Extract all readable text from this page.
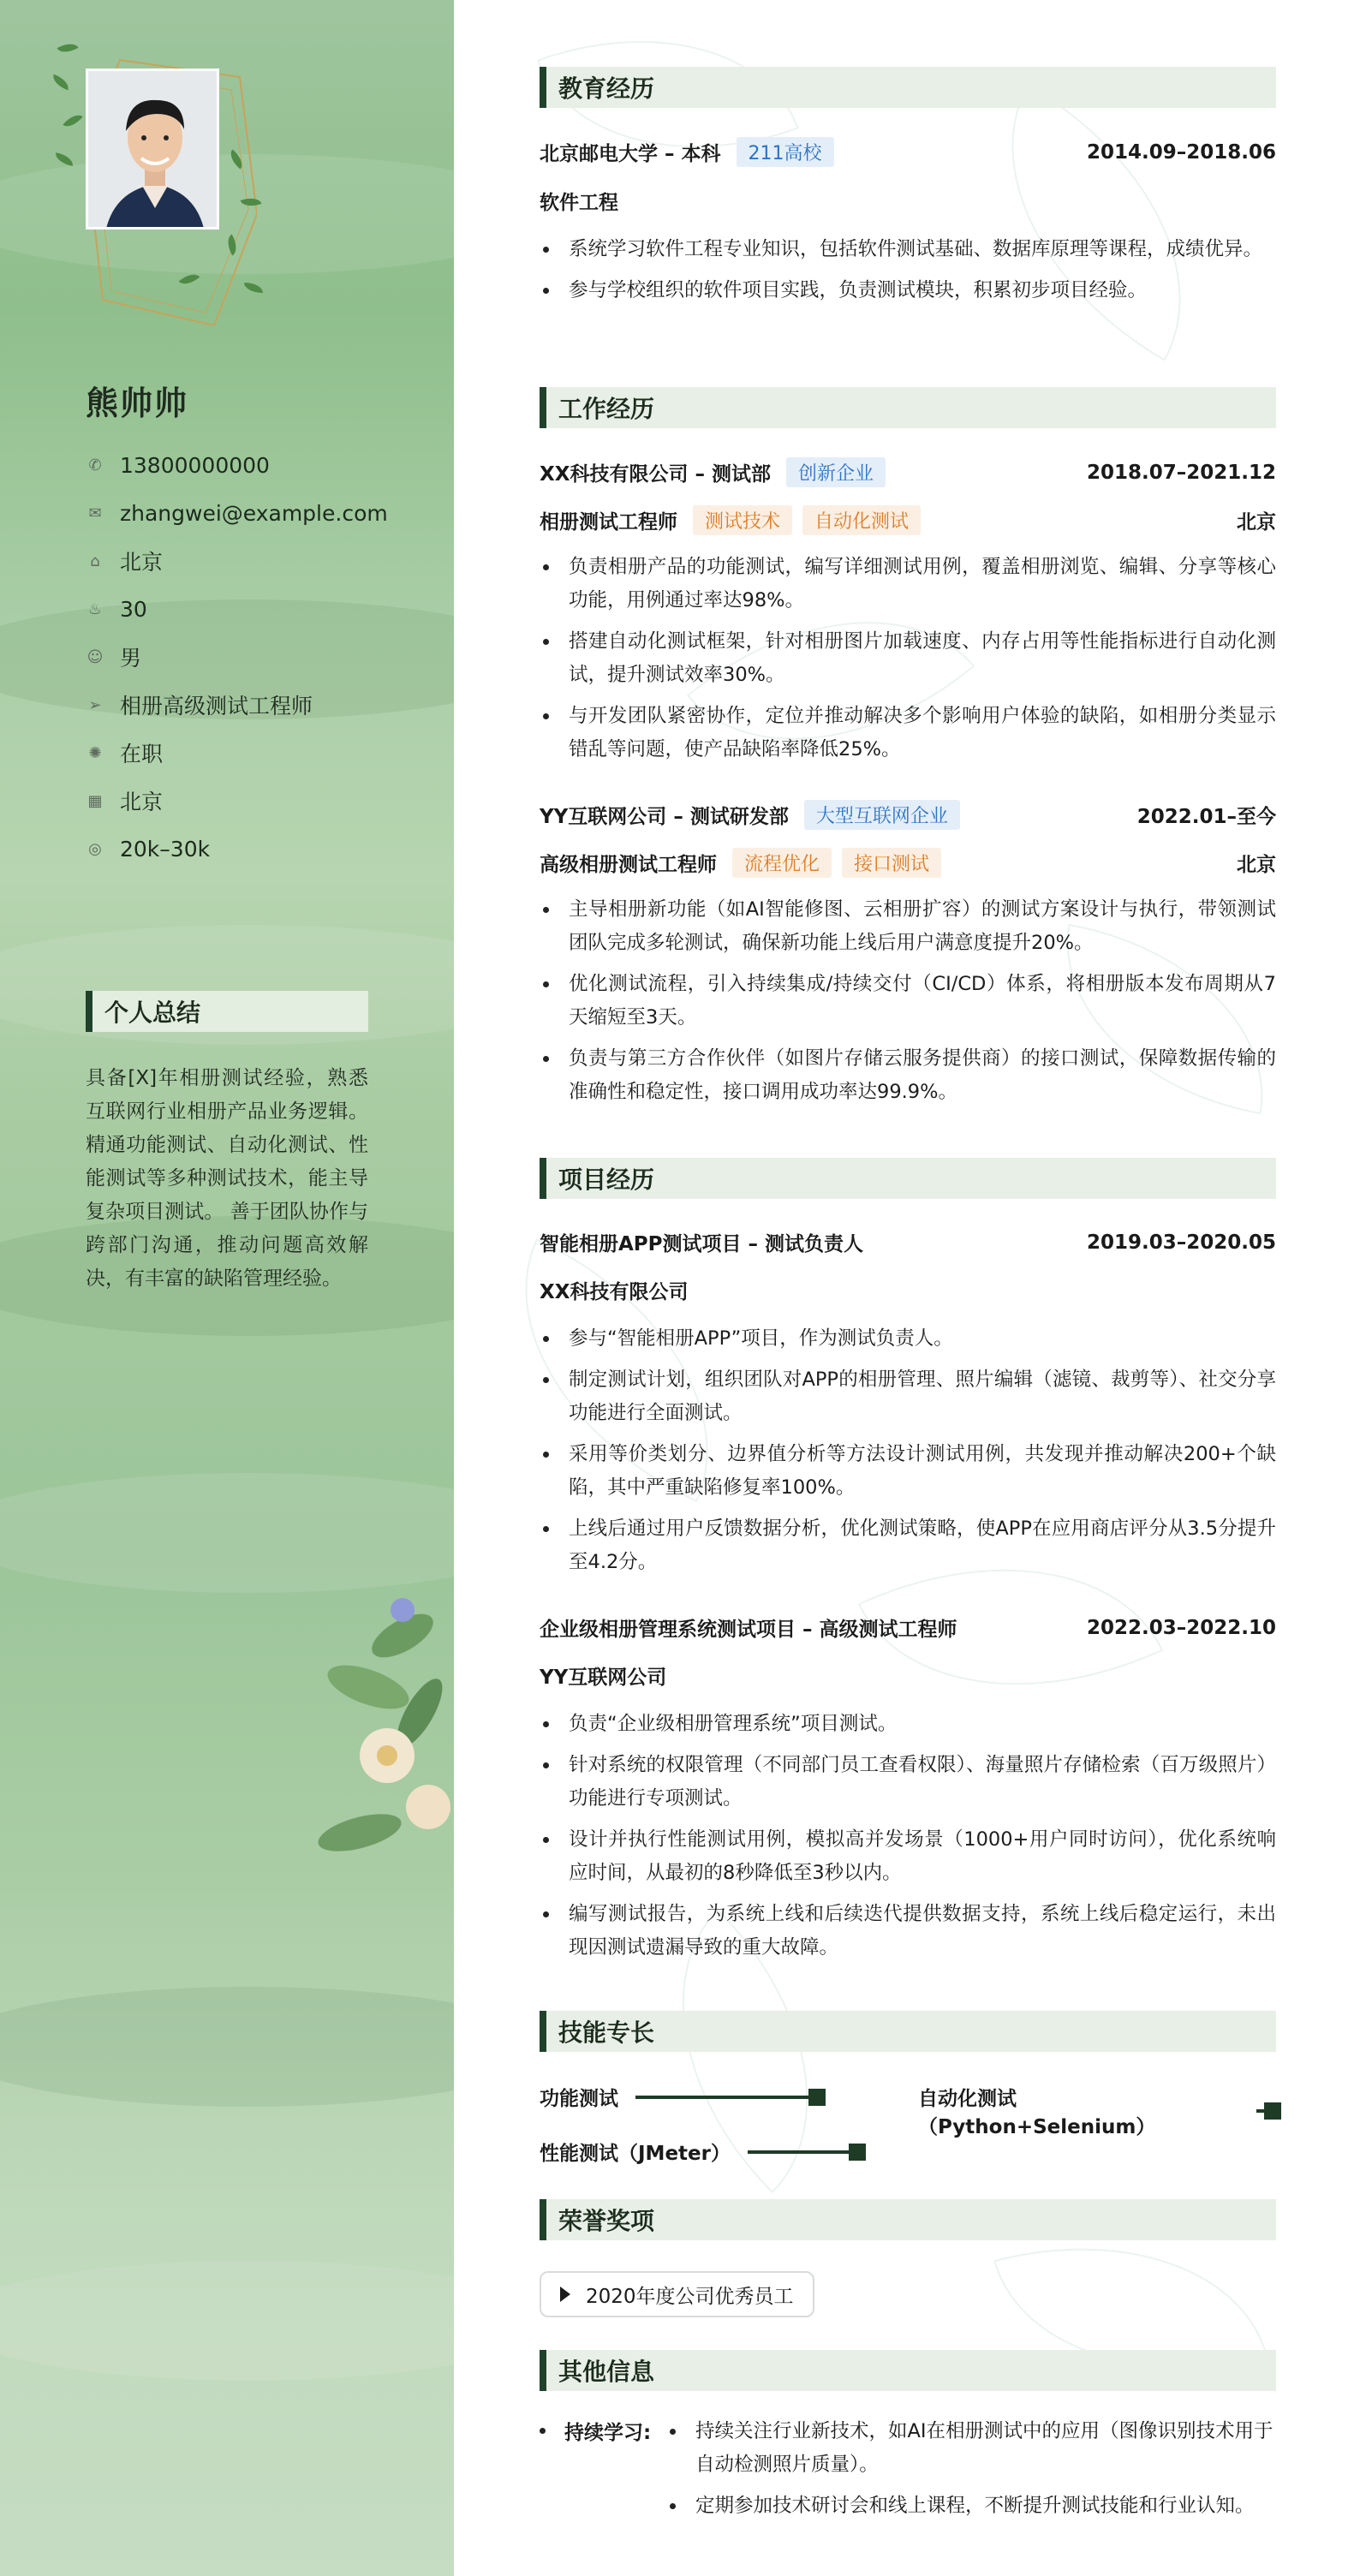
熊帅帅
✆ 13800000000
✉ zhangwei@example.com
⌂ 北京
♨ 30
☺ 男
➢ 相册高级测试工程师
✺ 在职
▦ 北京
◎ 20k–30k
个人总结
具备[X]年相册测试经验，熟悉互联网行业相册产品业务逻辑。 精通功能测试、自动化测试、性能测试等多种测试技术，能主导复杂项目测试。 善于团队协作与跨部门沟通，推动问题高效解决，有丰富的缺陷管理经验。
教育经历
北京邮电大学 – 本科	211高校	2014.09–2018.06
软件工程
系统学习软件工程专业知识，包括软件测试基础、数据库原理等课程，成绩优异。
参与学校组织的软件项目实践，负责测试模块，积累初步项目经验。
工作经历
XX科技有限公司 – 测试部	创新企业	2018.07–2021.12
相册测试工程师	测试技术	自动化测试	北京
负责相册产品的功能测试，编写详细测试用例，覆盖相册浏览、编辑、分享等核心功能，用例通过率达98%。
搭建自动化测试框架，针对相册图片加载速度、内存占用等性能指标进行自动化测试，提升测试效率30%。
与开发团队紧密协作，定位并推动解决多个影响用户体验的缺陷，如相册分类显示错乱等问题，使产品缺陷率降低25%。
YY互联网公司 – 测试研发部	大型互联网企业	2022.01–至今
高级相册测试工程师	流程优化	接口测试	北京
主导相册新功能（如AI智能修图、云相册扩容）的测试方案设计与执行，带领测试团队完成多轮测试，确保新功能上线后用户满意度提升20%。
优化测试流程，引入持续集成/持续交付（CI/CD）体系，将相册版本发布周期从7天缩短至3天。
负责与第三方合作伙伴（如图片存储云服务提供商）的接口测试，保障数据传输的准确性和稳定性，接口调用成功率达99.9%。
项目经历
智能相册APP测试项目 – 测试负责人	2019.03–2020.05
XX科技有限公司
参与“智能相册APP”项目，作为测试负责人。
制定测试计划，组织团队对APP的相册管理、照片编辑（滤镜、裁剪等）、社交分享功能进行全面测试。
采用等价类划分、边界值分析等方法设计测试用例，共发现并推动解决200+个缺陷，其中严重缺陷修复率100%。
上线后通过用户反馈数据分析，优化测试策略，使APP在应用商店评分从3.5分提升至4.2分。
企业级相册管理系统测试项目 – 高级测试工程师	2022.03–2022.10
YY互联网公司
负责“企业级相册管理系统”项目测试。
针对系统的权限管理（不同部门员工查看权限）、海量照片存储检索（百万级照片）功能进行专项测试。
设计并执行性能测试用例，模拟高并发场景（1000+用户同时访问），优化系统响应时间，从最初的8秒降低至3秒以内。
编写测试报告，为系统上线和后续迭代提供数据支持，系统上线后稳定运行，未出现因测试遗漏导致的重大故障。
技能专长
功能测试	自动化测试（Python+Selenium）
性能测试（JMeter）
荣誉奖项
2020年度公司优秀员工
其他信息
持续学习:	持续关注行业新技术，如AI在相册测试中的应用（图像识别技术用于自动检测照片质量）。
定期参加技术研讨会和线上课程，不断提升测试技能和行业认知。
